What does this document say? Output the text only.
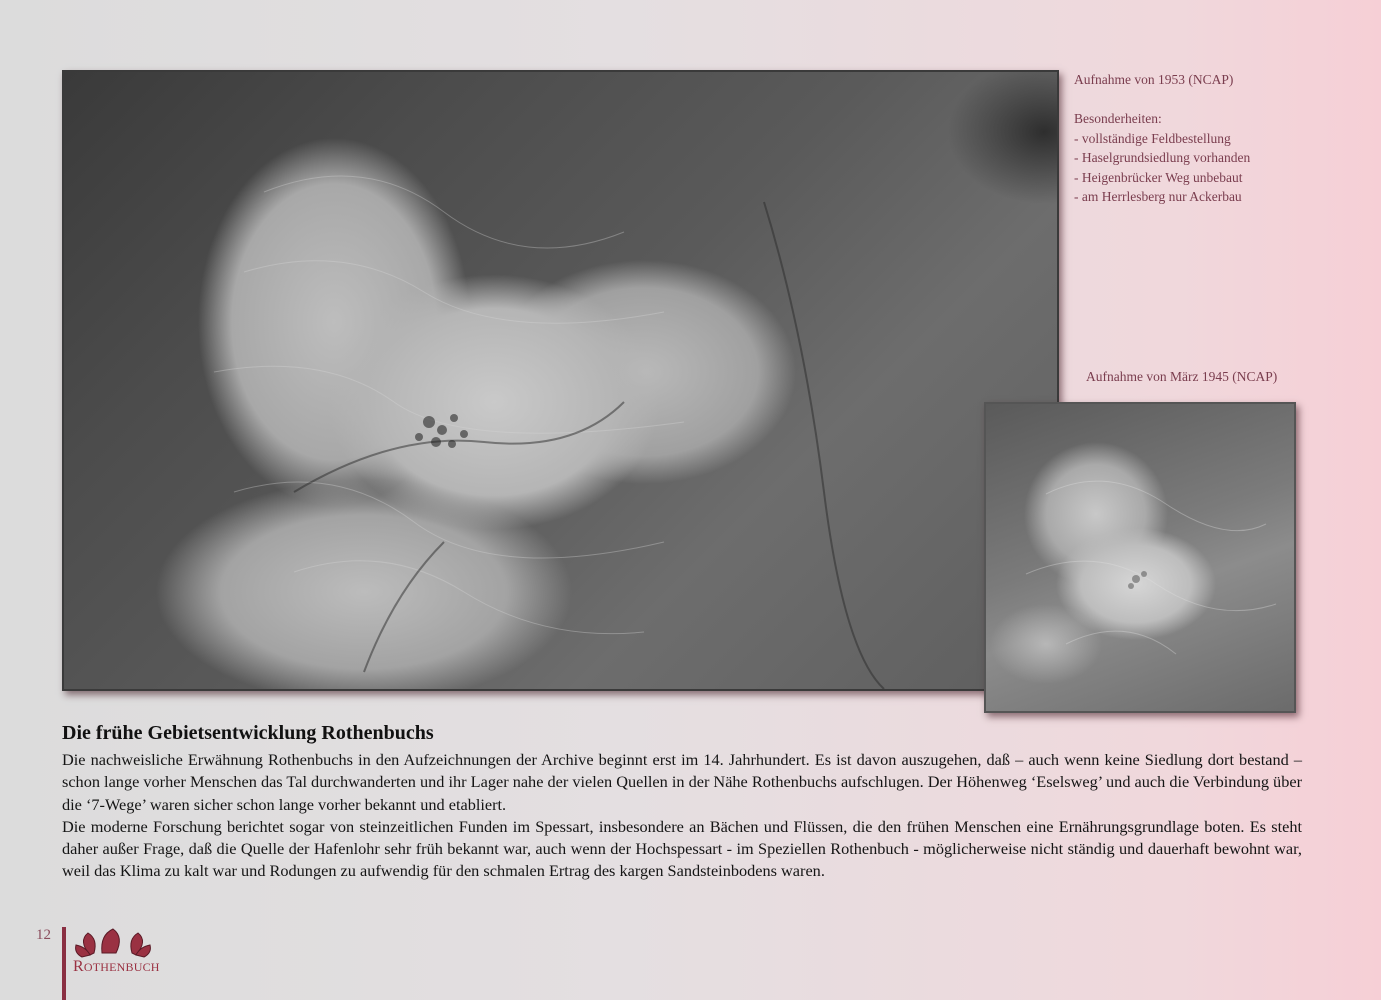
Aufnahme von 1953 (NCAP)
Besonderheiten:
- vollständige Feldbestellung
- Haselgrundsiedlung vorhanden
- Heigenbrücker Weg unbebaut
- am Herrlesberg nur Ackerbau
Aufnahme von März 1945 (NCAP)
Die frühe Gebietsentwicklung Rothenbuchs

Die nachweisliche Erwähnung Rothenbuchs in den Aufzeichnungen der Archive beginnt erst im 14. Jahrhundert. Es ist davon auszugehen, daß – auch wenn keine Siedlung dort bestand – schon lange vorher Menschen das Tal durchwanderten und ihr Lager nahe der vielen Quellen in der Nähe Rothenbuchs aufschlugen. Der Höhenweg ‘Eselsweg’ und auch die Verbindung über die ‘7-Wege’ waren sicher schon lange vorher bekannt und etabliert.

Die moderne Forschung berichtet sogar von steinzeitlichen Funden im Spessart, insbesondere an Bächen und Flüssen, die den frühen Menschen eine Ernährungsgrundlage boten. Es steht daher außer Frage, daß die Quelle der Hafenlohr sehr früh bekannt war, auch wenn der Hochspessart - im Speziellen Rothenbuch - möglicherweise nicht ständig und dauerhaft bewohnt war, weil das Klima zu kalt war und Rodungen zu aufwendig für den schmalen Ertrag des kargen Sandsteinbodens waren.

12
ROTHENBUCH
